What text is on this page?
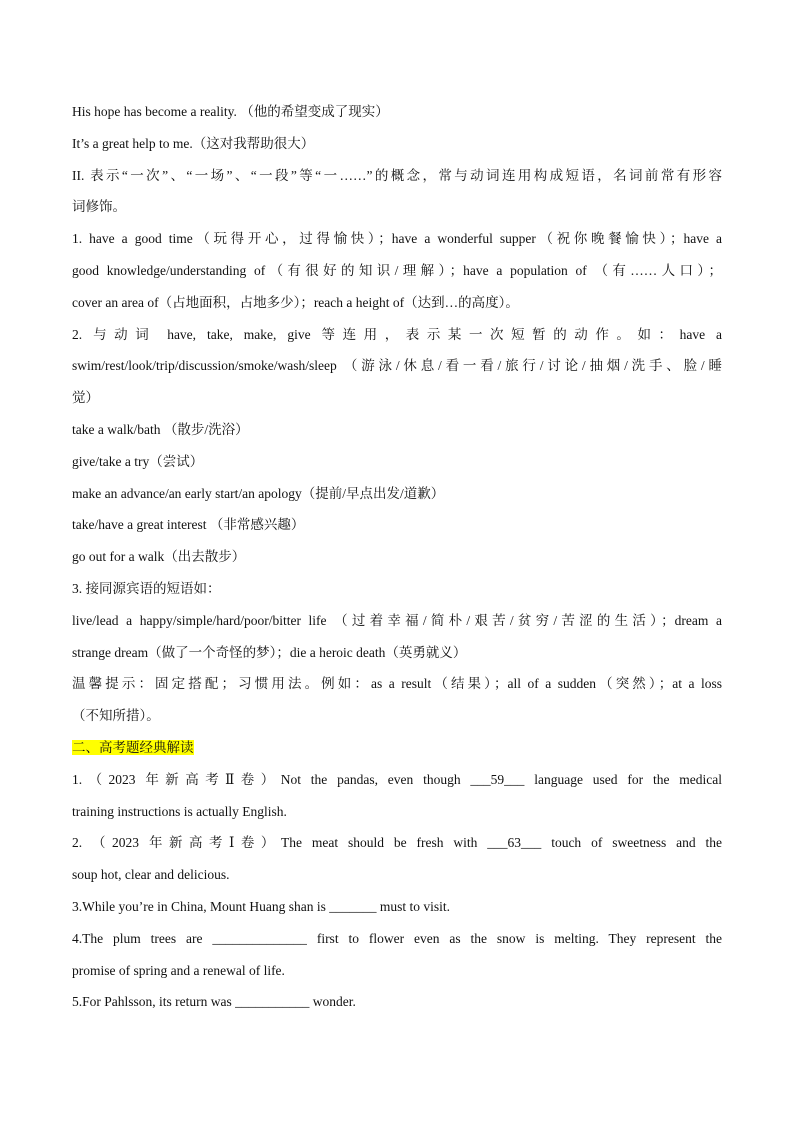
His hope has become a reality. （他的希望变成了现实）
It’s a great help to me.（这对我帮助很大）
II. 表示“一次”、“一场”、“一段”等“一……”的概念，常与动词连用构成短语，名词前常有形容
词修饰。
1. have a good time（玩得开心，过得愉快）；have a wonderful supper（祝你晚餐愉快）；have a
good knowledge/understanding of（有很好的知识/理解）；have a population of （有……人口）；
cover an area of（占地面积，占地多少）；reach a height of（达到…的高度）。
2. 与动词 have, take, make, give 等连用，表示某一次短暂的动作。如：have a
swim/rest/look/trip/discussion/smoke/wash/sleep （游泳/休息/看一看/旅行/讨论/抽烟/洗手、脸/睡
觉）
take a walk/bath （散步/洗浴）
give/take a try（尝试）
make an advance/an early start/an apology（提前/早点出发/道歉）
take/have a great interest （非常感兴趣）
go out for a walk（出去散步）
3. 接同源宾语的短语如：
live/lead a happy/simple/hard/poor/bitter life （过着幸福/简朴/艰苦/贫穷/苦涩的生活）；dream a
strange dream（做了一个奇怪的梦）；die a heroic death（英勇就义）
温馨提示：固定搭配；习惯用法。例如：as a result（结果）；all of a sudden（突然）；at a loss
（不知所措）。
二、高考题经典解读
1.（2023 年新高考Ⅱ卷）Not the pandas, even though ___59___ language used for the medical
training instructions is actually English.
2. （2023 年新高考Ⅰ卷）The meat should be fresh with ___63___ touch of sweetness and the
soup hot, clear and delicious.
3.While you’re in China, Mount Huang shan is _______ must to visit.
4.The plum trees are ______________ first to flower even as the snow is melting. They represent the
promise of spring and a renewal of life.
5.For Pahlsson, its return was ___________ wonder.
